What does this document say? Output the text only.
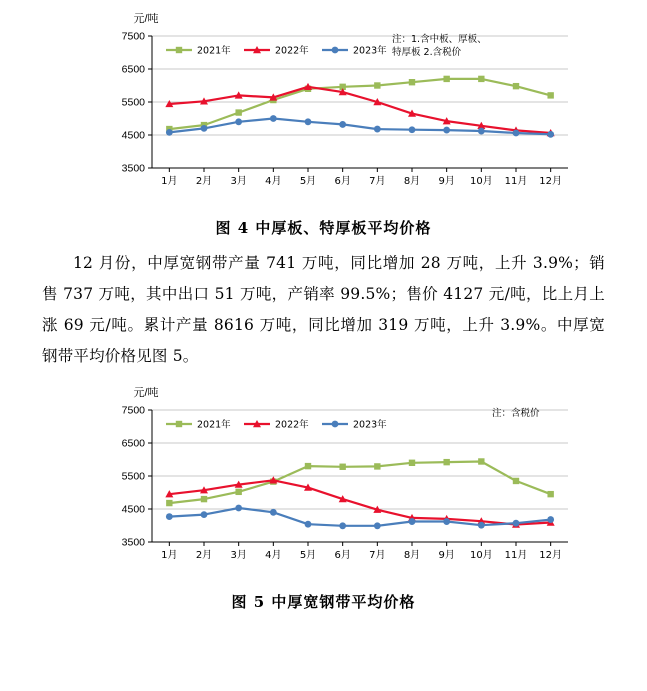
元/吨
3500
4500
5500
6500
7500
1月 2月 3月 4月 5月 6月 7月 8月 9月 10月 11月 12月
2021年	2022年	2023年
注：1.含中板、厚板、
特厚板 2.含税价
图 4 中厚板、特厚板平均价格
12 月份，中厚宽钢带产量 741 万吨，同比增加 28 万吨，上升 3.9%；销售 737 万吨，其中出口 51 万吨，产销率 99.5%；售价 4127 元/吨，比上月上涨 69 元/吨。累计产量 8616 万吨，同比增加 319 万吨，上升 3.9%。中厚宽钢带平均价格见图 5。
元/吨
3500
4500
5500
6500
7500
1月 2月 3月 4月 5月 6月 7月 8月 9月 10月 11月 12月
2021年	2022年	2023年
注：含税价
图 5 中厚宽钢带平均价格
